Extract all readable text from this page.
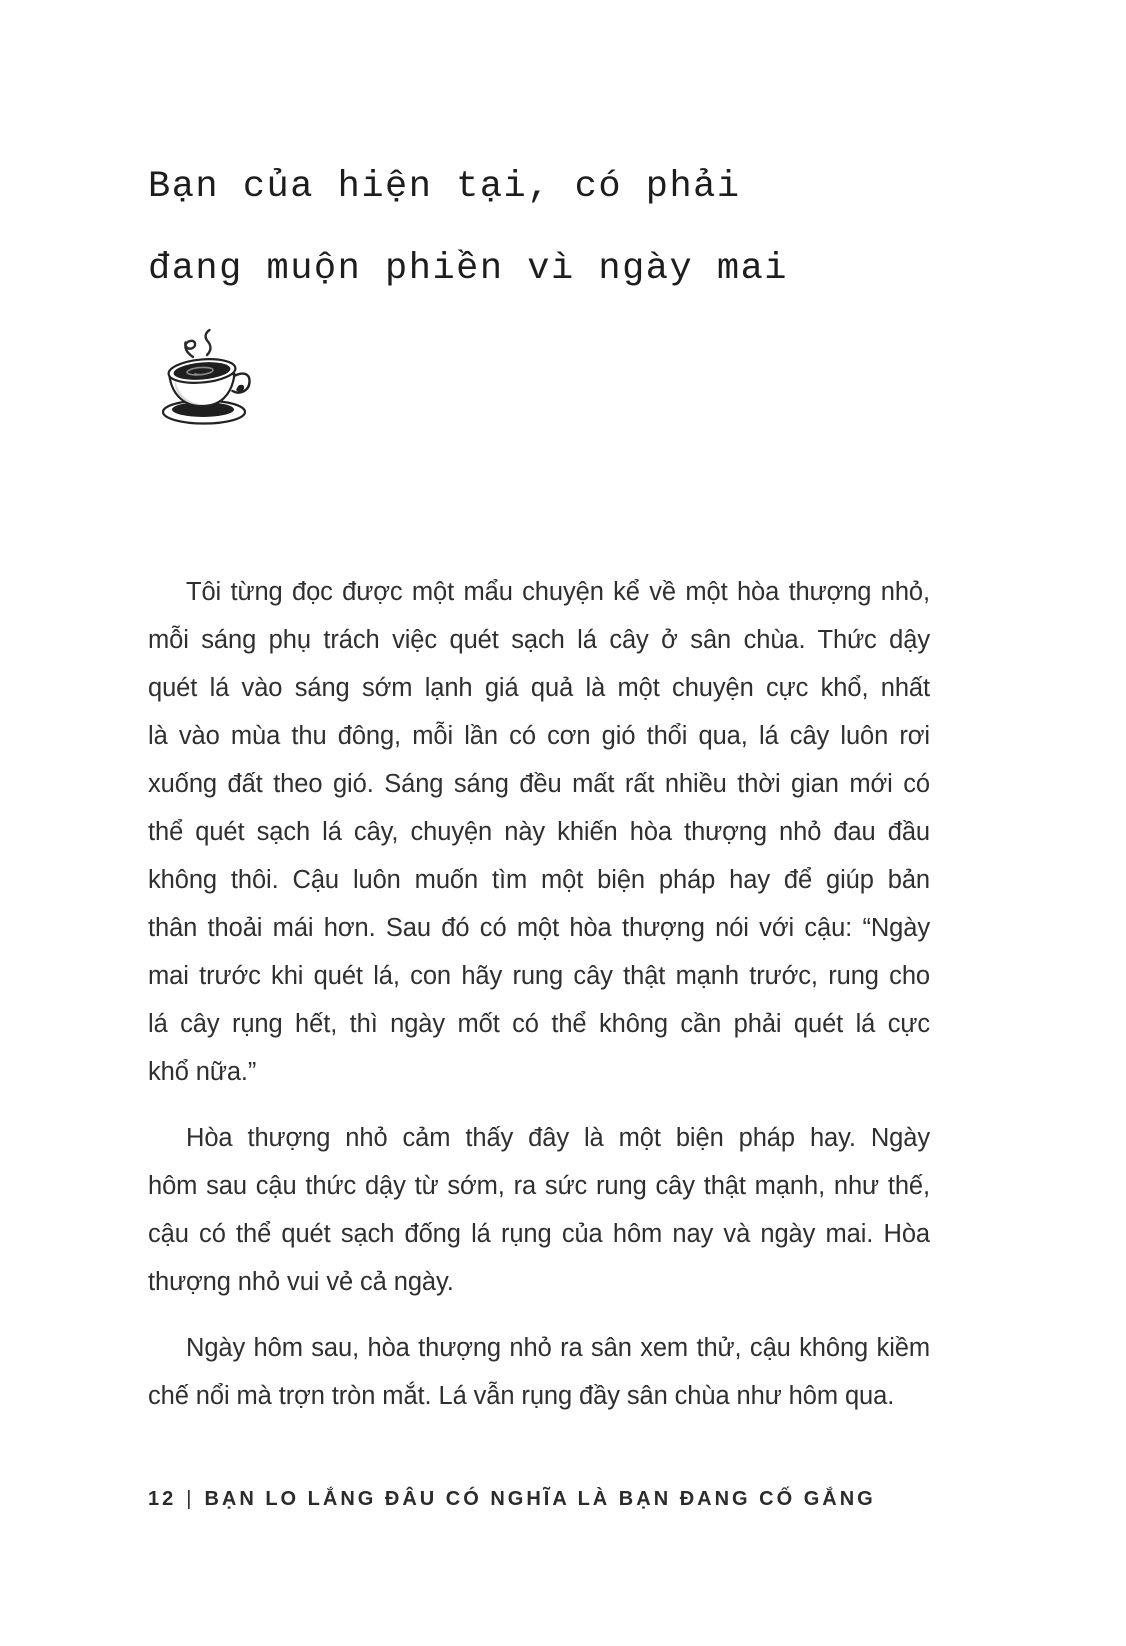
Bạn của hiện tại, có phải
đang muộn phiền vì ngày mai
Tôi từng đọc được một mẩu chuyện kể về một hòa thượng nhỏ,
mỗi sáng phụ trách việc quét sạch lá cây ở sân chùa. Thức dậy
quét lá vào sáng sớm lạnh giá quả là một chuyện cực khổ, nhất
là vào mùa thu đông, mỗi lần có cơn gió thổi qua, lá cây luôn rơi
xuống đất theo gió. Sáng sáng đều mất rất nhiều thời gian mới có
thể quét sạch lá cây, chuyện này khiến hòa thượng nhỏ đau đầu
không thôi. Cậu luôn muốn tìm một biện pháp hay để giúp bản
thân thoải mái hơn. Sau đó có một hòa thượng nói với cậu: “Ngày
mai trước khi quét lá, con hãy rung cây thật mạnh trước, rung cho
lá cây rụng hết, thì ngày mốt có thể không cần phải quét lá cực
khổ nữa.”
Hòa thượng nhỏ cảm thấy đây là một biện pháp hay. Ngày
hôm sau cậu thức dậy từ sớm, ra sức rung cây thật mạnh, như thế,
cậu có thể quét sạch đống lá rụng của hôm nay và ngày mai. Hòa
thượng nhỏ vui vẻ cả ngày.
Ngày hôm sau, hòa thượng nhỏ ra sân xem thử, cậu không kiềm
chế nổi mà trợn tròn mắt. Lá vẫn rụng đầy sân chùa như hôm qua.
12 | BẠN LO LẮNG ĐÂU CÓ NGHĨA LÀ BẠN ĐANG CỐ GẮNG
